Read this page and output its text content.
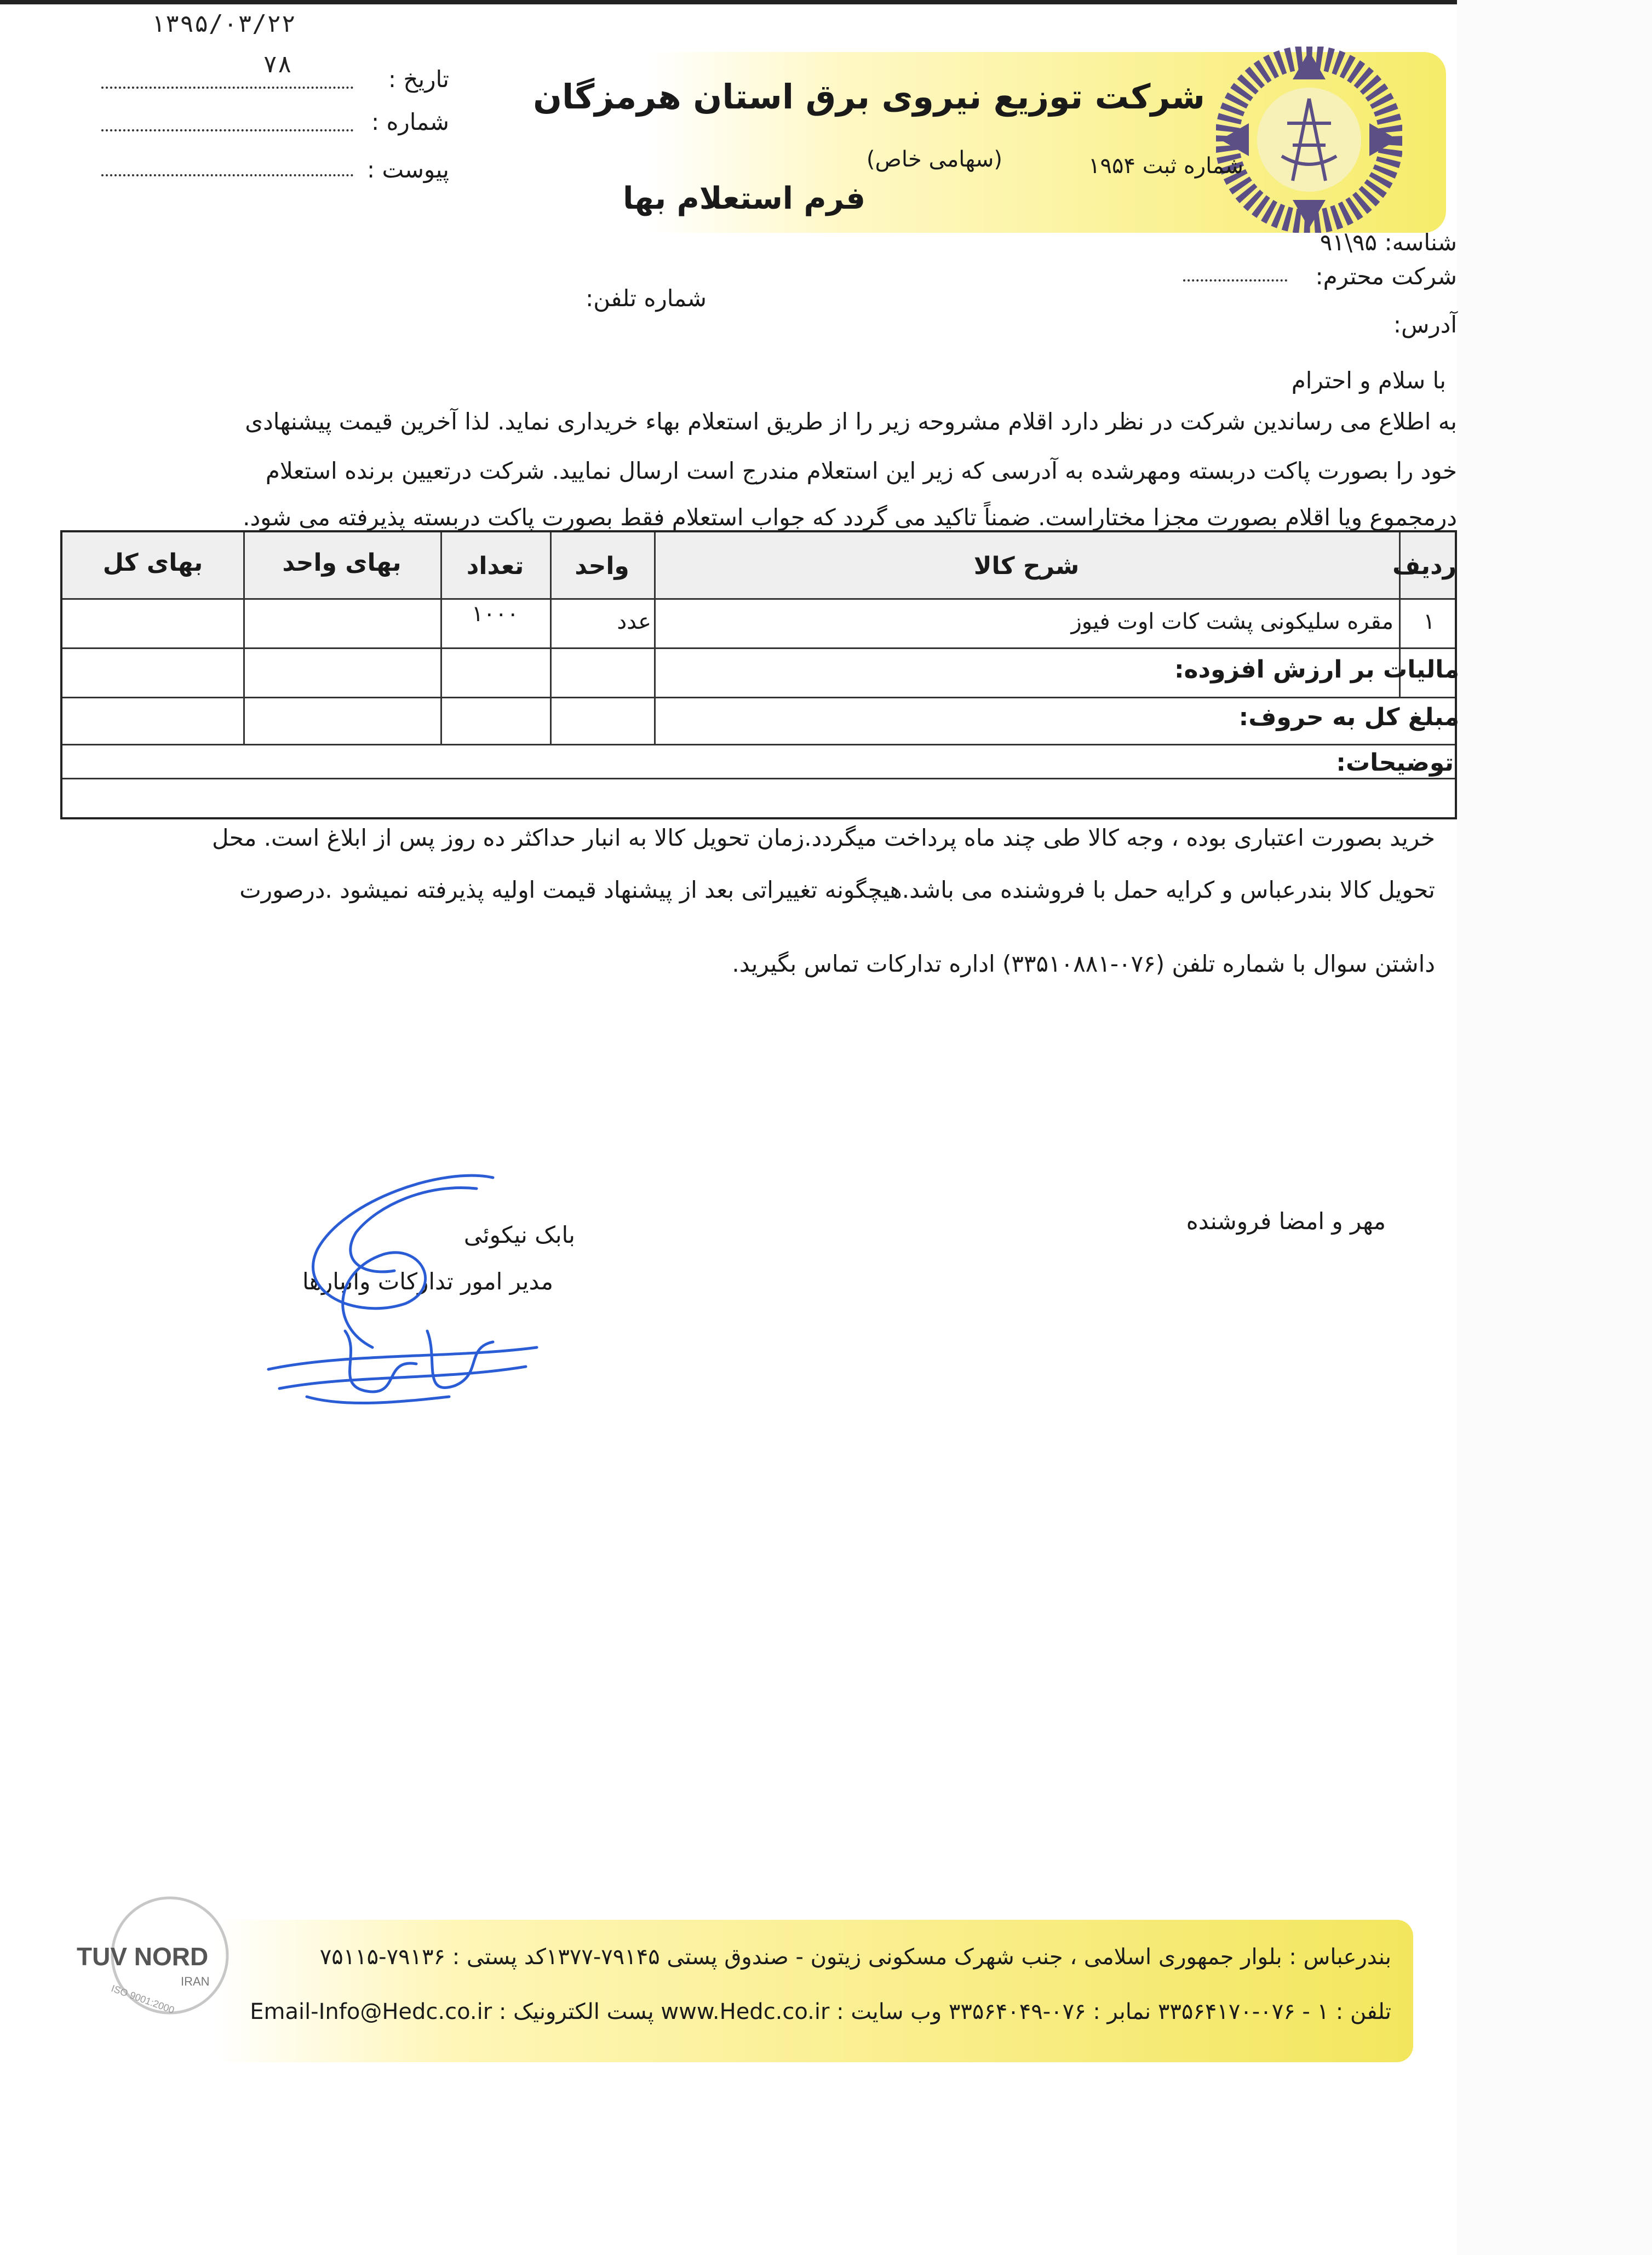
شرکت توزیع نیروی برق استان هرمزگان
شماره ثبت ۱۹۵۴
(سهامی خاص)
فرم استعلام بها
۱۳۹۵/۰۳/۲۲
۷۸
تاریخ :
شماره :
پیوست :
شناسه: ۹۵\۹۱
شرکت محترم:
شماره تلفن:
آدرس:
با سلام و احترام
به اطلاع می رساندین شرکت در نظر دارد اقلام مشروحه زیر را از طریق استعلام بهاء خریداری نماید. لذا آخرین قیمت پیشنهادی
خود را بصورت پاکت دربسته ومهرشده به آدرسی که زیر این استعلام مندرج است ارسال نمایید. شرکت درتعیین برنده استعلام
درمجموع ویا اقلام بصورت مجزا مختاراست. ضمناً تاکید می گردد که جواب استعلام فقط بصورت پاکت دربسته پذیرفته می شود.
ردیف
شرح کالا
واحد
تعداد
بهای واحد
بهای کل
۱
مقره سلیکونی پشت کات اوت فیوز
عدد
۱۰۰۰
مالیات بر ارزش افزوده:
مبلغ کل به حروف:
توضیحات:
خرید بصورت اعتباری بوده ، وجه کالا طی چند ماه پرداخت میگردد.زمان تحویل کالا به انبار حداکثر ده روز پس از ابلاغ است. محل
تحویل کالا بندرعباس و کرایه حمل با فروشنده می باشد.هیچگونه تغییراتی بعد از پیشنهاد قیمت اولیه پذیرفته نمیشود .درصورت
داشتن سوال با شماره تلفن (۰۷۶-۳۳۵۱۰۸۸۱) اداره تدارکات تماس بگیرید.
مهر و امضا فروشنده
بابک نیکوئی
مدیر امور تدارکات وانبارها
بندرعباس : بلوار جمهوری اسلامی ، جنب شهرک مسکونی زیتون - صندوق پستی ۷۹۱۴۵-۱۳۷۷کد پستی : ۷۹۱۳۶-۷۵۱۱۵
تلفن : ۱ - ۰۷۶-۳۳۵۶۴۱۷۰ نمابر : ۰۷۶-۳۳۵۶۴۰۴۹ وب سایت : www.Hedc.co.ir پست الکترونیک : Email-Info@Hedc.co.ir
TUV NORD
IRAN
ISO 9001:2000
